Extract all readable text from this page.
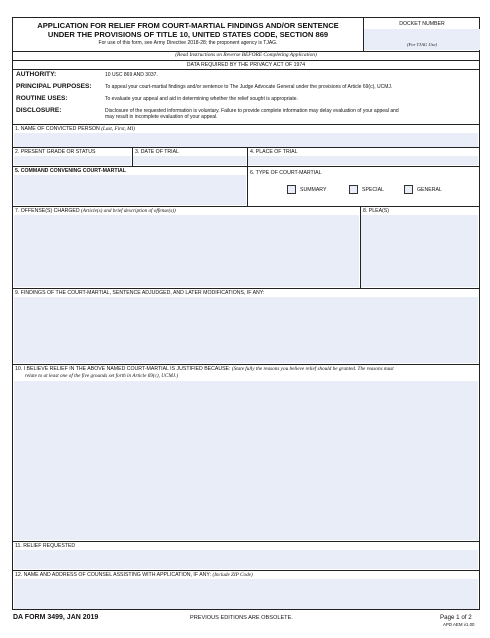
APPLICATION FOR RELIEF FROM COURT-MARTIAL FINDINGS AND/OR SENTENCE
UNDER THE PROVISIONS OF TITLE 10, UNITED STATES CODE, SECTION 869
For use of this form, see Army Directive 2018-28; the proponent agency is TJAG.
DOCKET NUMBER
(For TJAG Use)
(Read Instructions on Reverse BEFORE Completing Application)
DATA REQUIRED BY THE PRIVACY ACT OF 1974
AUTHORITY:	10 USC 869 AND 3037.
PRINCIPAL PURPOSES:	To appeal your court-martial findings and/or sentence to The Judge Advocate General under the provisions of Article 69(c), UCMJ.
ROUTINE USES:	To evaluate your appeal and aid in determining whether the relief sought is appropriate.
DISCLOSURE:	Disclosure of the requested information is voluntary. Failure to provide complete information may delay evaluation of your appeal and
may result in incomplete evaluation of your appeal.
1. NAME OF CONVICTED PERSON (Last, First, MI)
2. PRESENT GRADE OR STATUS	3. DATE OF TRIAL	4. PLACE OF TRIAL
5. COMMAND CONVENING COURT-MARTIAL	6. TYPE OF COURT-MARTIAL
SUMMARY	SPECIAL	GENERAL
7. OFFENSE(S) CHARGED (Article(s) and brief description of offense(s))	8. PLEA(S)
9. FINDINGS OF THE COURT-MARTIAL, SENTENCE ADJUDGED, AND LATER MODIFICATIONS, IF ANY:
10. I BELIEVE RELIEF IN THE ABOVE NAMED COURT-MARTIAL IS JUSTIFIED BECAUSE: (State fully the reasons you believe relief should be granted. The reasons must
relate to at least one of the five grounds set forth in Article 69(c), UCMJ.)
11. RELIEF REQUESTED
12. NAME AND ADDRESS OF COUNSEL ASSISTING WITH APPLICATION, IF ANY: (Include ZIP Code)
DA FORM 3499, JAN 2019	PREVIOUS EDITIONS ARE OBSOLETE.	Page 1 of 2
APD AEM v1.00
